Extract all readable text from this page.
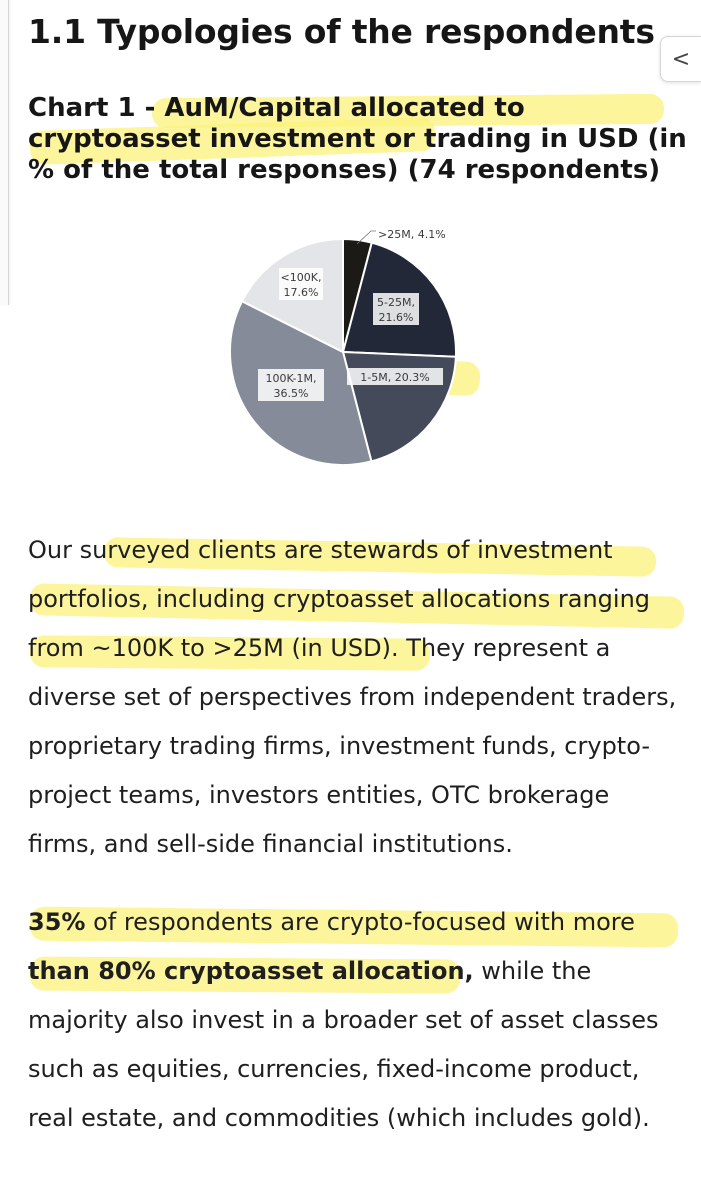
1.1 Typologies of the respondents
<
Chart 1 - AuM/Capital allocated to cryptoasset investment or trading in USD (in % of the total responses) (74 respondents)
>25M, 4.1%
5-25M,
21.6%
1-5M, 20.3%
100K-1M,
36.5%
<100K,
17.6%

Our surveyed clients are stewards of investment portfolios, including cryptoasset allocations ranging from ~100K to >25M (in USD). They represent a diverse set of perspectives from independent traders, proprietary trading firms, investment funds, crypto-project teams, investors entities, OTC brokerage firms, and sell-side financial institutions.

35% of respondents are crypto-focused with more than 80% cryptoasset allocation, while the majority also invest in a broader set of asset classes such as equities, currencies, fixed-income product, real estate, and commodities (which includes gold).
